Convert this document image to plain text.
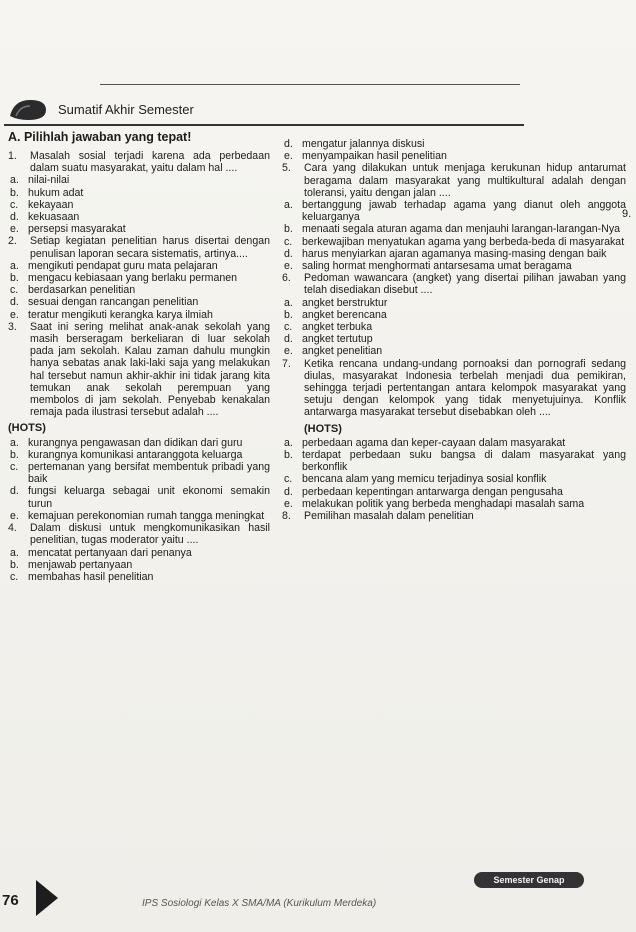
Sumatif Akhir Semester
A. Pilihlah jawaban yang tepat!
1.	Masalah sosial terjadi karena ada perbedaan dalam suatu masyarakat, yaitu dalam hal ....
a. nilai-nilai
b. hukum adat
c. kekayaan
d. kekuasaan
e. persepsi masyarakat
2.	Setiap kegiatan penelitian harus disertai dengan penulisan laporan secara sistematis, artinya....
a. mengikuti pendapat guru mata pelajaran
b. mengacu kebiasaan yang berlaku permanen
c. berdasarkan penelitian
d. sesuai dengan rancangan penelitian
e. teratur mengikuti kerangka karya ilmiah
3.	Saat ini sering melihat anak-anak sekolah yang masih berseragam berkeliaran di luar sekolah pada jam sekolah. Kalau zaman dahulu mungkin hanya sebatas anak laki-laki saja yang melakukan hal tersebut namun akhir-akhir ini tidak jarang kita temukan anak sekolah perempuan yang membolos di jam sekolah. Penyebab kenakalan remaja pada ilustrasi tersebut adalah ....
(HOTS)
a. kurangnya pengawasan dan didikan dari guru
b. kurangnya komunikasi antaranggota keluarga
c. pertemanan yang bersifat membentuk pribadi yang baik
d. fungsi keluarga sebagai unit ekonomi semakin turun
e. kemajuan perekonomian rumah tangga meningkat
4.	Dalam diskusi untuk mengkomunikasikan hasil penelitian, tugas moderator yaitu ....
a. mencatat pertanyaan dari penanya
b. menjawab pertanyaan
c. membahas hasil penelitian
d. mengatur jalannya diskusi
e. menyampaikan hasil penelitian
5.	Cara yang dilakukan untuk menjaga kerukunan hidup antarumat beragama dalam masyarakat yang multikultural adalah dengan toleransi, yaitu dengan jalan ....
a. bertanggung jawab terhadap agama yang dianut oleh anggota keluarganya
b. menaati segala aturan agama dan menjauhi larangan-larangan-Nya
c. berkewajiban menyatukan agama yang berbeda-beda di masyarakat
d. harus menyiarkan ajaran agamanya masing-masing dengan baik
e. saling hormat menghormati antarsesama umat beragama
6.	Pedoman wawancara (angket) yang disertai pilihan jawaban yang telah disediakan disebut ....
a. angket berstruktur
b. angket berencana
c. angket terbuka
d. angket tertutup
e. angket penelitian
7.	Ketika rencana undang-undang pornoaksi dan pornografi sedang diulas, masyarakat Indonesia terbelah menjadi dua pemikiran, sehingga terjadi pertentangan antara kelompok masyarakat yang setuju dengan kelompok yang tidak menyetujuinya. Konflik antarwarga masyarakat tersebut disebabkan oleh ....
(HOTS)
a. perbedaan agama dan keper-cayaan dalam masyarakat
b. terdapat perbedaan suku bangsa di dalam masyarakat yang berkonflik
c. bencana alam yang memicu terjadinya sosial konflik
d. perbedaan kepentingan antarwarga dengan pengusaha
e. melakukan politik yang berbeda menghadapi masalah sama
8.	Pemilihan masalah dalam penelitian
9.
76	IPS Sosiologi Kelas X SMA/MA (Kurikulum Merdeka)
Semester Genap
